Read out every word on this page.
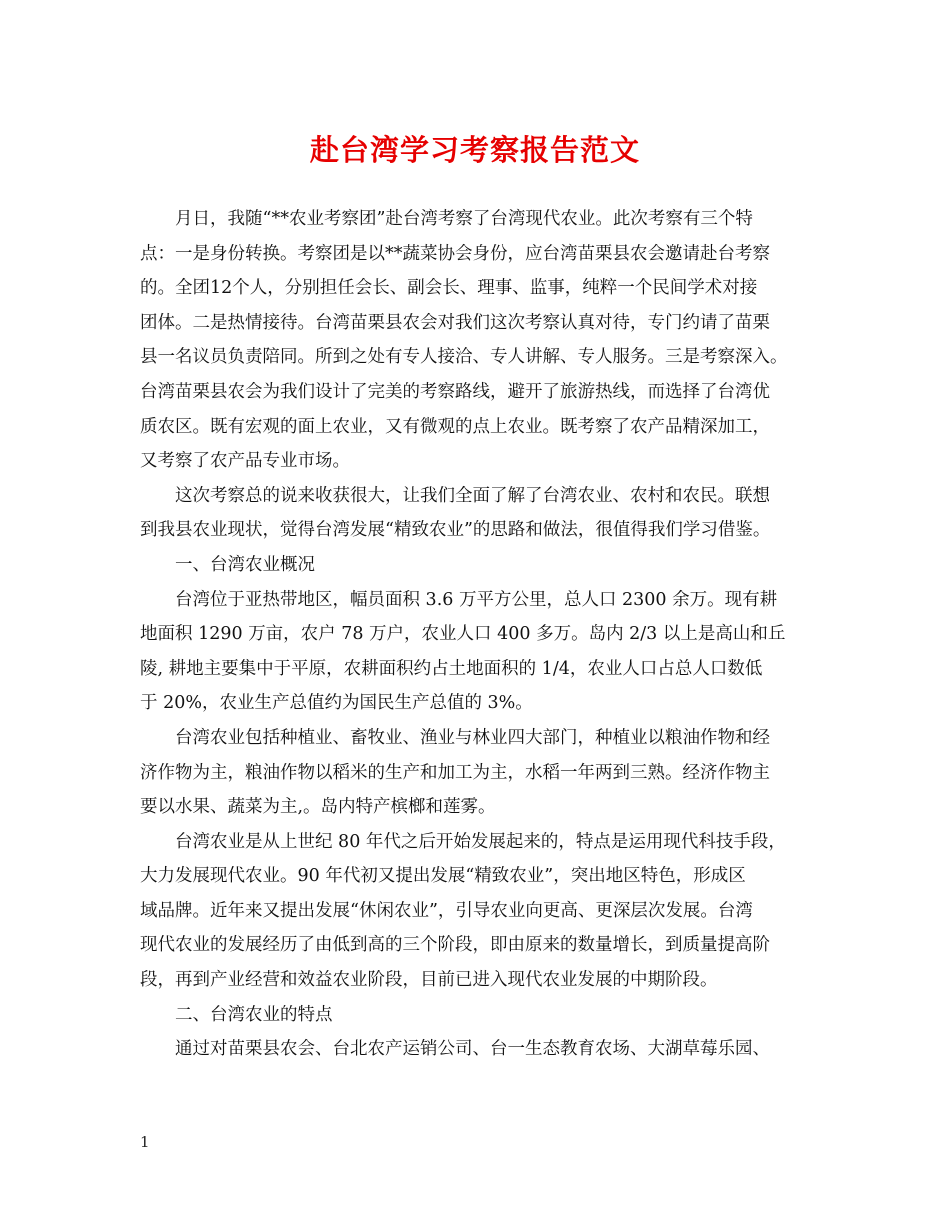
赴台湾学习考察报告范文

月日，我随“**农业考察团”赴台湾考察了台湾现代农业。此次考察有三个特
点：一是身份转换。考察团是以**蔬菜协会身份，应台湾苗栗县农会邀请赴台考察
的。全团12个人，分别担任会长、副会长、理事、监事，纯粹一个民间学术对接
团体。二是热情接待。台湾苗栗县农会对我们这次考察认真对待，专门约请了苗栗
县一名议员负责陪同。所到之处有专人接洽、专人讲解、专人服务。三是考察深入。
台湾苗栗县农会为我们设计了完美的考察路线，避开了旅游热线，而选择了台湾优
质农区。既有宏观的面上农业，又有微观的点上农业。既考察了农产品精深加工，
又考察了农产品专业市场。

这次考察总的说来收获很大，让我们全面了解了台湾农业、农村和农民。联想
到我县农业现状，觉得台湾发展“精致农业”的思路和做法，很值得我们学习借鉴。

一、台湾农业概况

台湾位于亚热带地区，幅员面积 3.6 万平方公里，总人口 2300 余万。现有耕
地面积 1290 万亩，农户 78 万户，农业人口 400 多万。岛内 2/3 以上是高山和丘
陵, 耕地主要集中于平原，农耕面积约占土地面积的 1/4，农业人口占总人口数低
于 20%，农业生产总值约为国民生产总值的 3%。

台湾农业包括种植业、畜牧业、渔业与林业四大部门，种植业以粮油作物和经
济作物为主，粮油作物以稻米的生产和加工为主，水稻一年两到三熟。经济作物主
要以水果、蔬菜为主,。岛内特产槟榔和莲雾。

台湾农业是从上世纪 80 年代之后开始发展起来的，特点是运用现代科技手段，
大力发展现代农业。90 年代初又提出发展“精致农业”，突出地区特色，形成区
域品牌。近年来又提出发展“休闲农业”，引导农业向更高、更深层次发展。台湾
现代农业的发展经历了由低到高的三个阶段，即由原来的数量增长，到质量提高阶
段，再到产业经营和效益农业阶段，目前已进入现代农业发展的中期阶段。

二、台湾农业的特点

通过对苗栗县农会、台北农产运销公司、台一生态教育农场、大湖草莓乐园、

1
